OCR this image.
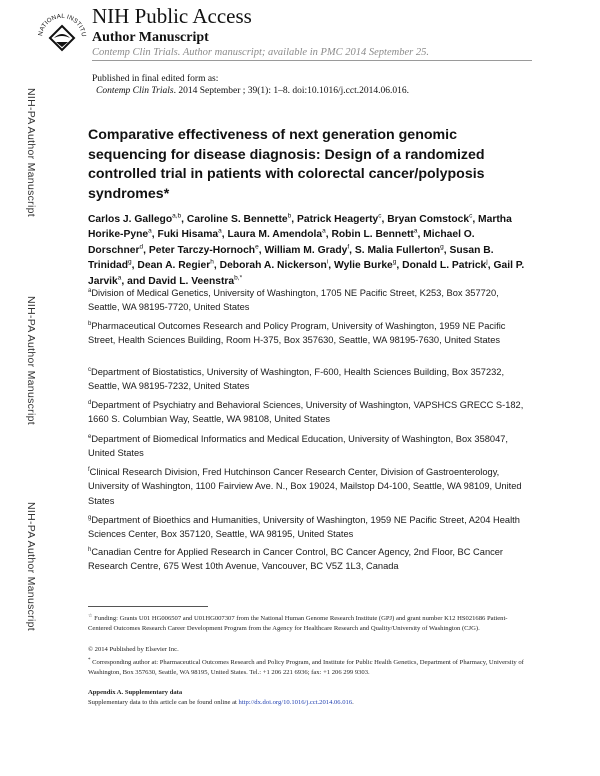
NATIONAL INSTITU
NIH Public Access
Author Manuscript
Contemp Clin Trials. Author manuscript; available in PMC 2014 September 25.
Published in final edited form as:
Contemp Clin Trials. 2014 September ; 39(1): 1–8. doi:10.1016/j.cct.2014.06.016.
NIH-PA Author Manuscript
NIH-PA Author Manuscript
NIH-PA Author Manuscript
Comparative effectiveness of next generation genomic sequencing for disease diagnosis: Design of a randomized controlled trial in patients with colorectal cancer/polyposis syndromes*
Carlos J. Gallego$^{a,b}$, Caroline S. Bennette$^b$, Patrick Heagerty$^c$, Bryan Comstock$^c$, Martha Horike-Pyne$^a$, Fuki Hisama$^a$, Laura M. Amendola$^a$, Robin L. Bennett$^a$, Michael O. Dorschner$^d$, Peter Tarczy-Hornoch$^e$, William M. Grady$^f$, S. Malia Fullerton$^g$, Susan B. Trinidad$^g$, Dean A. Regier$^h$, Deborah A. Nickerson$^i$, Wylie Burke$^g$, Donald L. Patrick$^j$, Gail P. Jarvik$^a$, and David L. Veenstra$^{b,*}$
$^a$Division of Medical Genetics, University of Washington, 1705 NE Pacific Street, K253, Box 357720, Seattle, WA 98195-7720, United States
$^b$Pharmaceutical Outcomes Research and Policy Program, University of Washington, 1959 NE Pacific Street, Health Sciences Building, Room H-375, Box 357630, Seattle, WA 98195-7630, United States
$^c$Department of Biostatistics, University of Washington, F-600, Health Sciences Building, Box 357232, Seattle, WA 98195-7232, United States
$^d$Department of Psychiatry and Behavioral Sciences, University of Washington, VAPSHCS GRECC S-182, 1660 S. Columbian Way, Seattle, WA 98108, United States
$^e$Department of Biomedical Informatics and Medical Education, University of Washington, Box 358047, United States
$^f$Clinical Research Division, Fred Hutchinson Cancer Research Center, Division of Gastroenterology, University of Washington, 1100 Fairview Ave. N., Box 19024, Mailstop D4-100, Seattle, WA 98109, United States
$^g$Department of Bioethics and Humanities, University of Washington, 1959 NE Pacific Street, A204 Health Sciences Center, Box 357120, Seattle, WA 98195, United States
$^h$Canadian Centre for Applied Research in Cancer Control, BC Cancer Agency, 2nd Floor, BC Cancer Research Centre, 675 West 10th Avenue, Vancouver, BC V5Z 1L3, Canada
☆ Funding: Grants U01 HG006507 and U01HG007307 from the National Human Genome Research Institute (GPJ) and grant number K12 HS021686 Patient-Centered Outcomes Research Career Development Program from the Agency for Healthcare Research and Quality/University of Washington (CJG).
© 2014 Published by Elsevier Inc.
* Corresponding author at: Pharmaceutical Outcomes Research and Policy Program, and Institute for Public Health Genetics, Department of Pharmacy, University of Washington, Box 357630, Seattle, WA 98195, United States. Tel.: +1 206 221 6936; fax: +1 206 299 9303.
Appendix A. Supplementary data
Supplementary data to this article can be found online at http://dx.doi.org/10.1016/j.cct.2014.06.016.
